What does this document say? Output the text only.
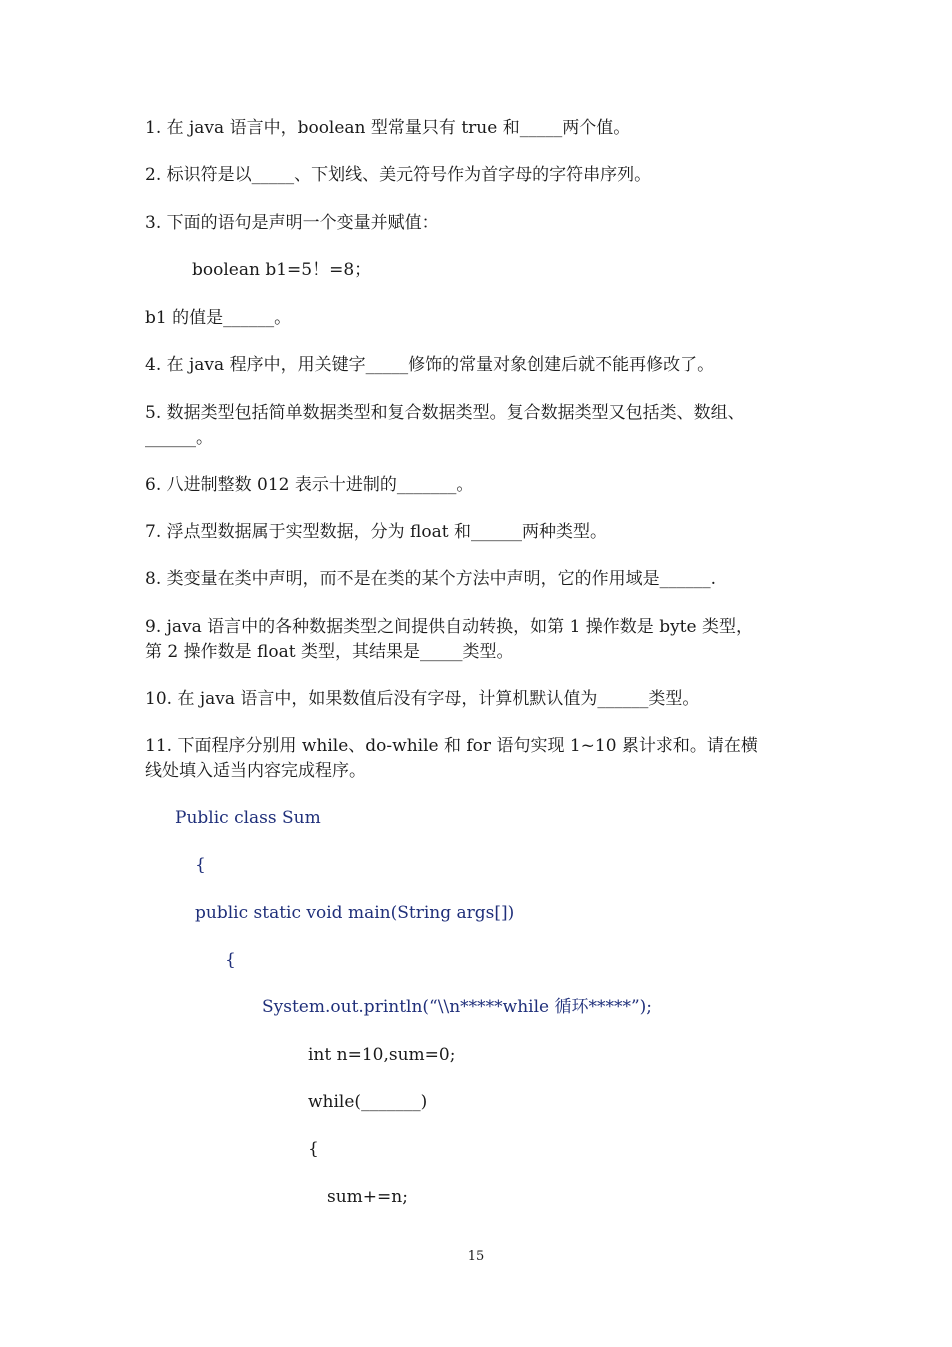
1. 在 java 语言中，boolean 型常量只有 true 和_____两个值。
2. 标识符是以_____、下划线、美元符号作为首字母的字符串序列。
3. 下面的语句是声明一个变量并赋值：
boolean b1=5！=8；
b1 的值是______。
4. 在 java 程序中，用关键字_____修饰的常量对象创建后就不能再修改了。
5. 数据类型包括简单数据类型和复合数据类型。复合数据类型又包括类、数组、
______。
6. 八进制整数 012 表示十进制的_______。
7. 浮点型数据属于实型数据，分为 float 和______两种类型。
8. 类变量在类中声明，而不是在类的某个方法中声明，它的作用域是______.
9. java 语言中的各种数据类型之间提供自动转换，如第 1 操作数是 byte 类型，
第 2 操作数是 float 类型，其结果是_____类型。
10. 在 java 语言中，如果数值后没有字母，计算机默认值为______类型。
11. 下面程序分别用 while、do-while 和 for 语句实现 1~10 累计求和。请在横
线处填入适当内容完成程序。
Public class Sum
{
public static void main(String args[])
{
System.out.println(“\\n*****while 循环*****”);
int n=10,sum=0;
while(_______)
{
sum+=n;
15
